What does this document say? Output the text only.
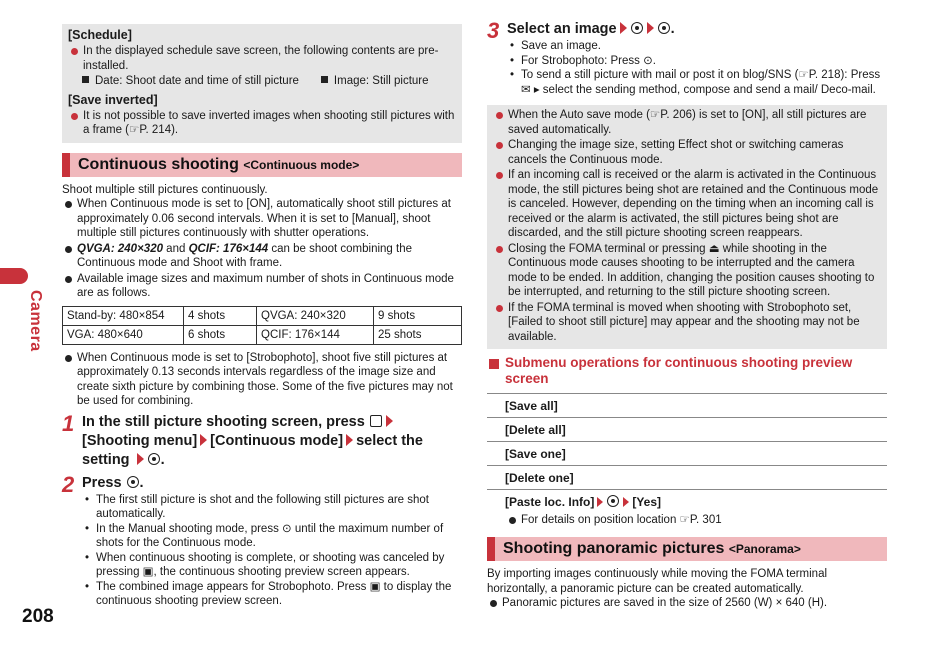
Camera
208
[Schedule]
In the displayed schedule save screen, the following contents are pre-installed.
Date: Shoot date and time of still picture	Image: Still picture
[Save inverted]
It is not possible to save inverted images when shooting still pictures with a frame (☞P. 214).
Continuous shooting <Continuous mode>
Shoot multiple still pictures continuously.
When Continuous mode is set to [ON], automatically shoot still pictures at approximately 0.06 second intervals. When it is set to [Manual], shoot multiple still pictures continuously with shutter operations.
QVGA: 240×320 and QCIF: 176×144 can be shoot combining the Continuous mode and Shoot with frame.
Available image sizes and maximum number of shots in Continuous mode are as follows.
Stand-by: 480×854	4 shots	QVGA: 240×320	9 shots
VGA: 480×640	6 shots	QCIF: 176×144	25 shots
When Continuous mode is set to [Strobophoto], shoot five still pictures at approximately 0.13 seconds intervals regardless of the image size and create sixth picture by combining those. Some of the five pictures may not be used for combining.
1 In the still picture shooting screen, press
[Shooting menu] [Continuous mode] select the setting .
2 Press .
• The first still picture is shot and the following still pictures are shot automatically.
• In the Manual shooting mode, press ⊙ until the maximum number of shots for the Continuous mode.
• When continuous shooting is complete, or shooting was canceled by pressing ▣, the continuous shooting preview screen appears.
• The combined image appears for Strobophoto. Press ▣ to display the continuous shooting preview screen.
3 Select an image	.
• Save an image.
• For Strobophoto: Press ⊙.
• To send a still picture with mail or post it on blog/SNS (☞P. 218): Press ✉ ▸ select the sending method, compose and send a mail/ Deco-mail.
When the Auto save mode (☞P. 206) is set to [ON], all still pictures are saved automatically.
Changing the image size, setting Effect shot or switching cameras cancels the Continuous mode.
If an incoming call is received or the alarm is activated in the Continuous mode, the still pictures being shot are retained and the Continuous mode is canceled. However, depending on the timing when an incoming call is received or the alarm is activated, the still pictures being shot are discarded, and the still picture shooting screen reappears.
Closing the FOMA terminal or pressing ⏏ while shooting in the Continuous mode causes shooting to be interrupted and the camera mode to be ended. In addition, changing the position causes shooting to be interrupted, and returning to the still picture shooting screen.
If the FOMA terminal is moved when shooting with Strobophoto set, [Failed to shoot still picture] may appear and the shooting may not be available.
Submenu operations for continuous shooting preview screen
[Save all]
[Delete all]
[Save one]
[Delete one]
[Paste loc. Info]	[Yes]
For details on position location ☞P. 301
Shooting panoramic pictures <Panorama>
By importing images continuously while moving the FOMA terminal horizontally, a panoramic picture can be created automatically.
Panoramic pictures are saved in the size of 2560 (W) × 640 (H).
